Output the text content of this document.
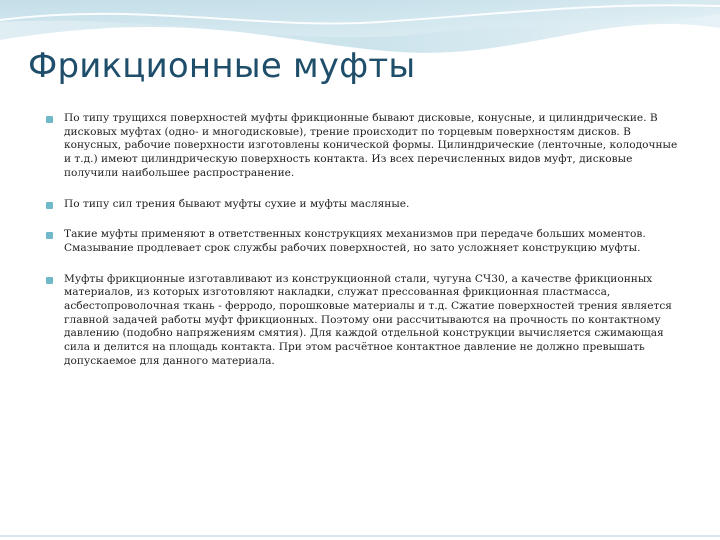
Фрикционные муфты

По типу трущихся поверхностей муфты фрикционные бывают дисковые, конусные, и цилиндрические. В дисковых муфтах (одно- и многодисковые), трение происходит по торцевым поверхностям дисков. В конусных, рабочие поверхности изготовлены конической формы. Цилиндрические (ленточные, колодочные и т.д.) имеют цилиндрическую поверхность контакта. Из всех перечисленных видов муфт, дисковые получили наибольшее распространение.

По типу сил трения бывают муфты сухие и муфты масляные.

Такие муфты применяют в ответственных конструкциях механизмов при передаче больших моментов. Смазывание продлевает срок службы рабочих поверхностей, но зато усложняет конструкцию муфты.

Муфты фрикционные изготавливают из конструкционной стали, чугуна СЧ30, а качестве фрикционных материалов, из которых изготовляют накладки, служат прессованная фрикционная пластмасса, асбестопроволочная ткань - ферродо, порошковые материалы и т.д. Сжатие поверхностей трения является главной задачей работы муфт фрикционных. Поэтому они рассчитываются на прочность по контактному давлению (подобно напряжениям смятия). Для каждой отдельной конструкции вычисляется сжимающая сила и делится на площадь контакта. При этом расчётное контактное давление не должно превышать допускаемое для данного материала.
